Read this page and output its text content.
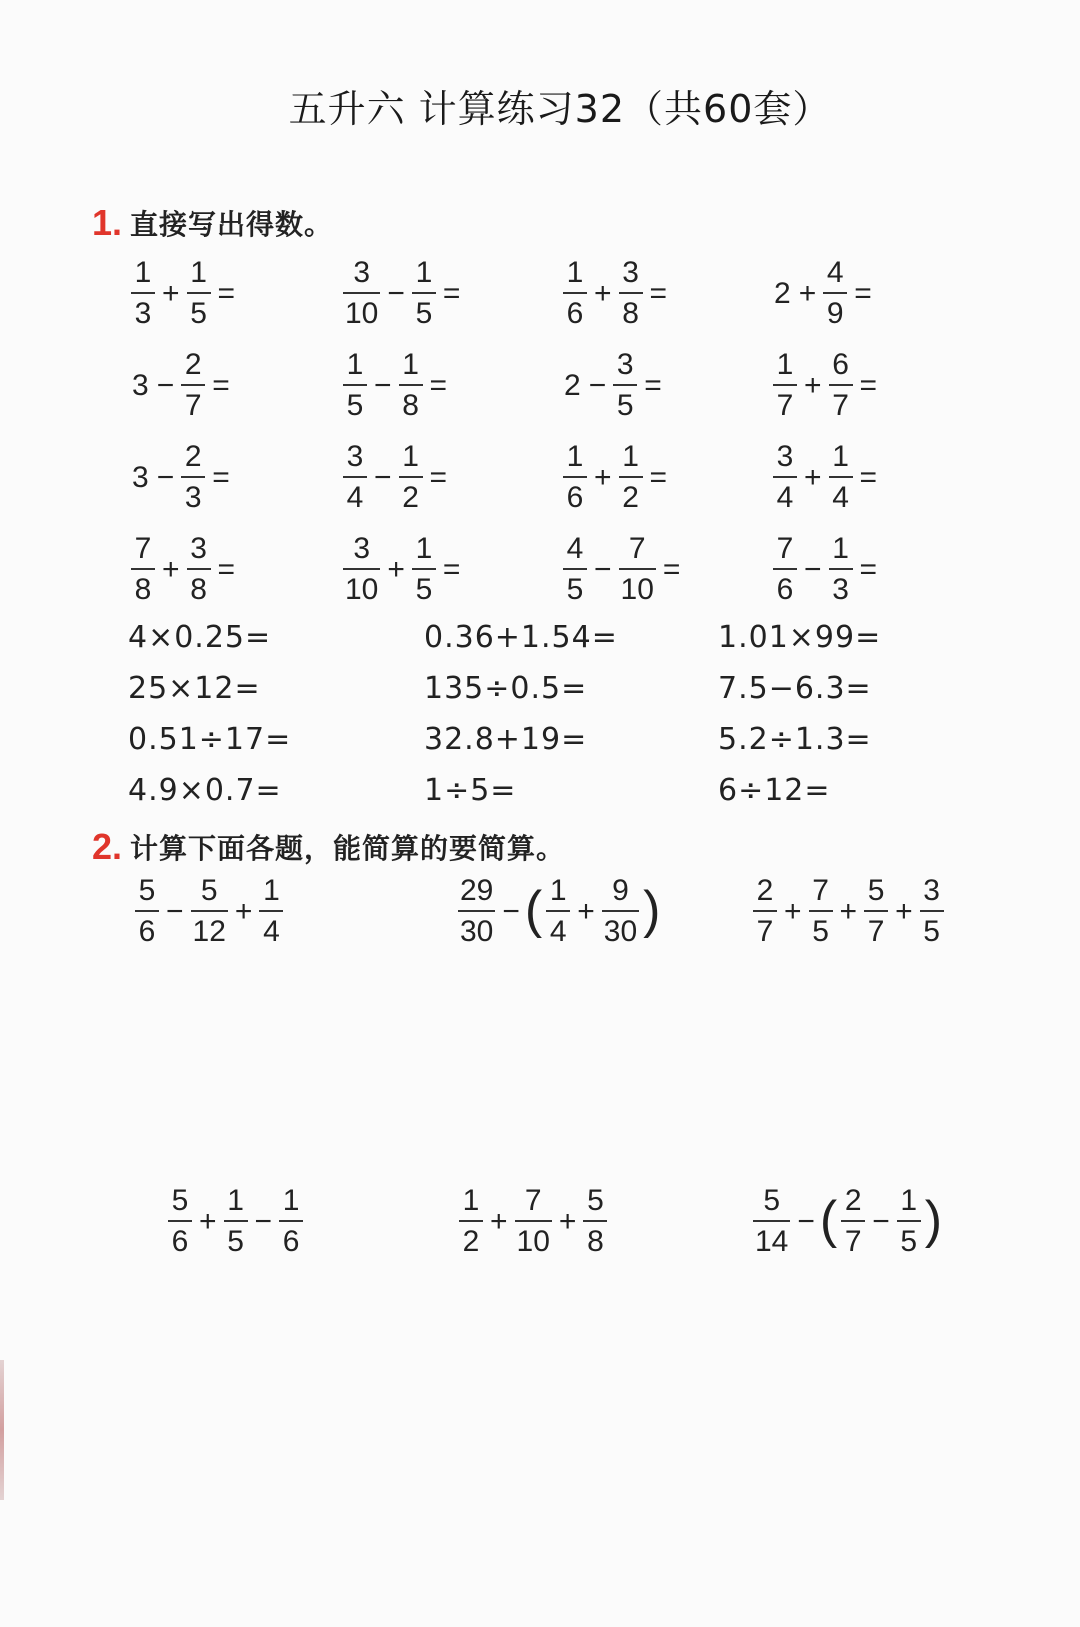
五升六 计算练习32（共60套）
1. 直接写出得数。
$\frac{1}{3} + \frac{1}{5}$ =	$\frac{3}{10} - \frac{1}{5}$ =	$\frac{1}{6} + \frac{3}{8}$ =	$2 + \frac{4}{9}$ =
$3 - \frac{2}{7}$ =	$\frac{1}{5} - \frac{1}{8}$ =	$2 - \frac{3}{5}$ =	$\frac{1}{7} + \frac{6}{7}$ =
$3 - \frac{2}{3}$ =	$\frac{3}{4} - \frac{1}{2}$ =	$\frac{1}{6} + \frac{1}{2}$ =	$\frac{3}{4} + \frac{1}{4}$ =
$\frac{7}{8} + \frac{3}{8}$ =	$\frac{3}{10} + \frac{1}{5}$ =	$\frac{4}{5} - \frac{7}{10}$ =	$\frac{7}{6} - \frac{1}{3}$ =
4×0.25=	0.36+1.54=	1.01×99=
25×12=	135÷0.5=	7.5−6.3=
0.51÷17=	32.8+19=	5.2÷1.3=
4.9×0.7=	1÷5=	6÷12=
2. 计算下面各题，能简算的要简算。
$\frac{5}{6} - \frac{5}{12} + \frac{1}{4}$	$\frac{29}{30}$ − ( $\frac{1}{4} + \frac{9}{30}$ )	$\frac{2}{7} + \frac{7}{5} + \frac{5}{7} + \frac{3}{5}$
$\frac{5}{6} + \frac{1}{5} - \frac{1}{6}$	$\frac{1}{2} + \frac{7}{10} + \frac{5}{8}$	$\frac{5}{14}$ − ( $\frac{2}{7} - \frac{1}{5}$ )
